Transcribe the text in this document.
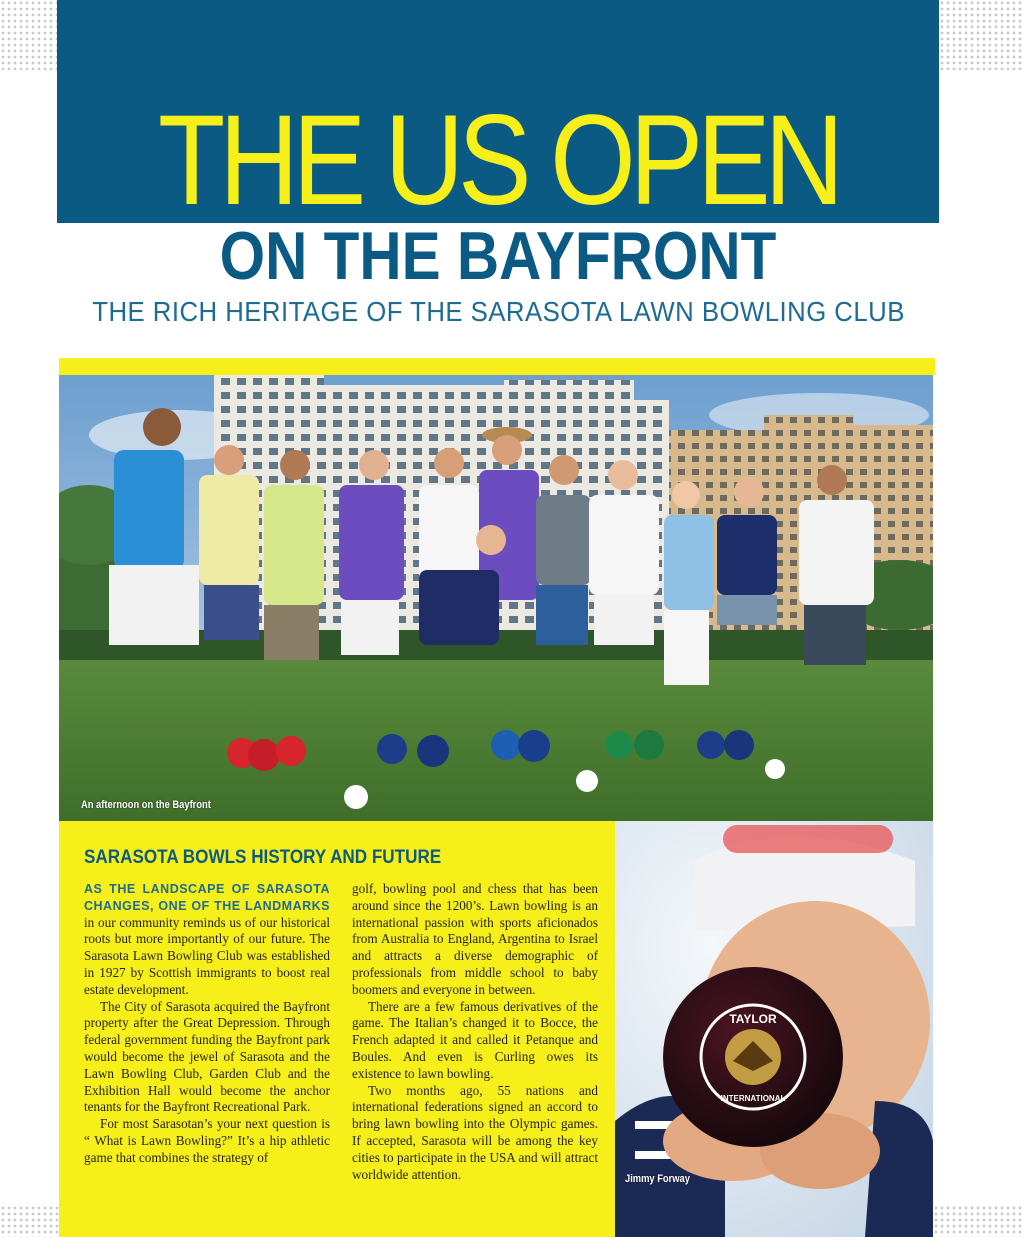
THE US OPEN
ON THE BAYFRONT
THE RICH HERITAGE OF THE SARASOTA LAWN BOWLING CLUB
An afternoon on the Bayfront
SARASOTA BOWLS HISTORY AND FUTURE

AS THE LANDSCAPE OF SARASOTA CHANGES, ONE OF THE LANDMARKS in our community reminds us of our historical roots but more importantly of our future. The Sarasota Lawn Bowling Club was established in 1927 by Scottish immigrants to boost real estate development.

The City of Sarasota acquired the Bayfront property after the Great Depression. Through federal government funding the Bayfront park would become the jewel of Sarasota and the Lawn Bowling Club, Garden Club and the Exhibition Hall would become the anchor tenants for the Bayfront Recreational Park.

For most Sarasotan’s your next question is “ What is Lawn Bowling?” It’s a hip athletic game that combines the strategy of

golf, bowling pool and chess that has been around since the 1200’s. Lawn bowling is an international passion with sports aficionados from Australia to England, Argentina to Israel and attracts a diverse demographic of professionals from middle school to baby boomers and everyone in between.

There are a few famous derivatives of the game. The Italian’s changed it to Bocce, the French adapted it and called it Petanque and Boules. And even is Curling owes its existence to lawn bowling.

Two months ago, 55 nations and international federations signed an accord to bring lawn bowling into the Olympic games. If accepted, Sarasota will be among the key cities to participate in the USA and will attract worldwide attention.

TAYLOR
INTERNATIONAL
Jimmy Forway
